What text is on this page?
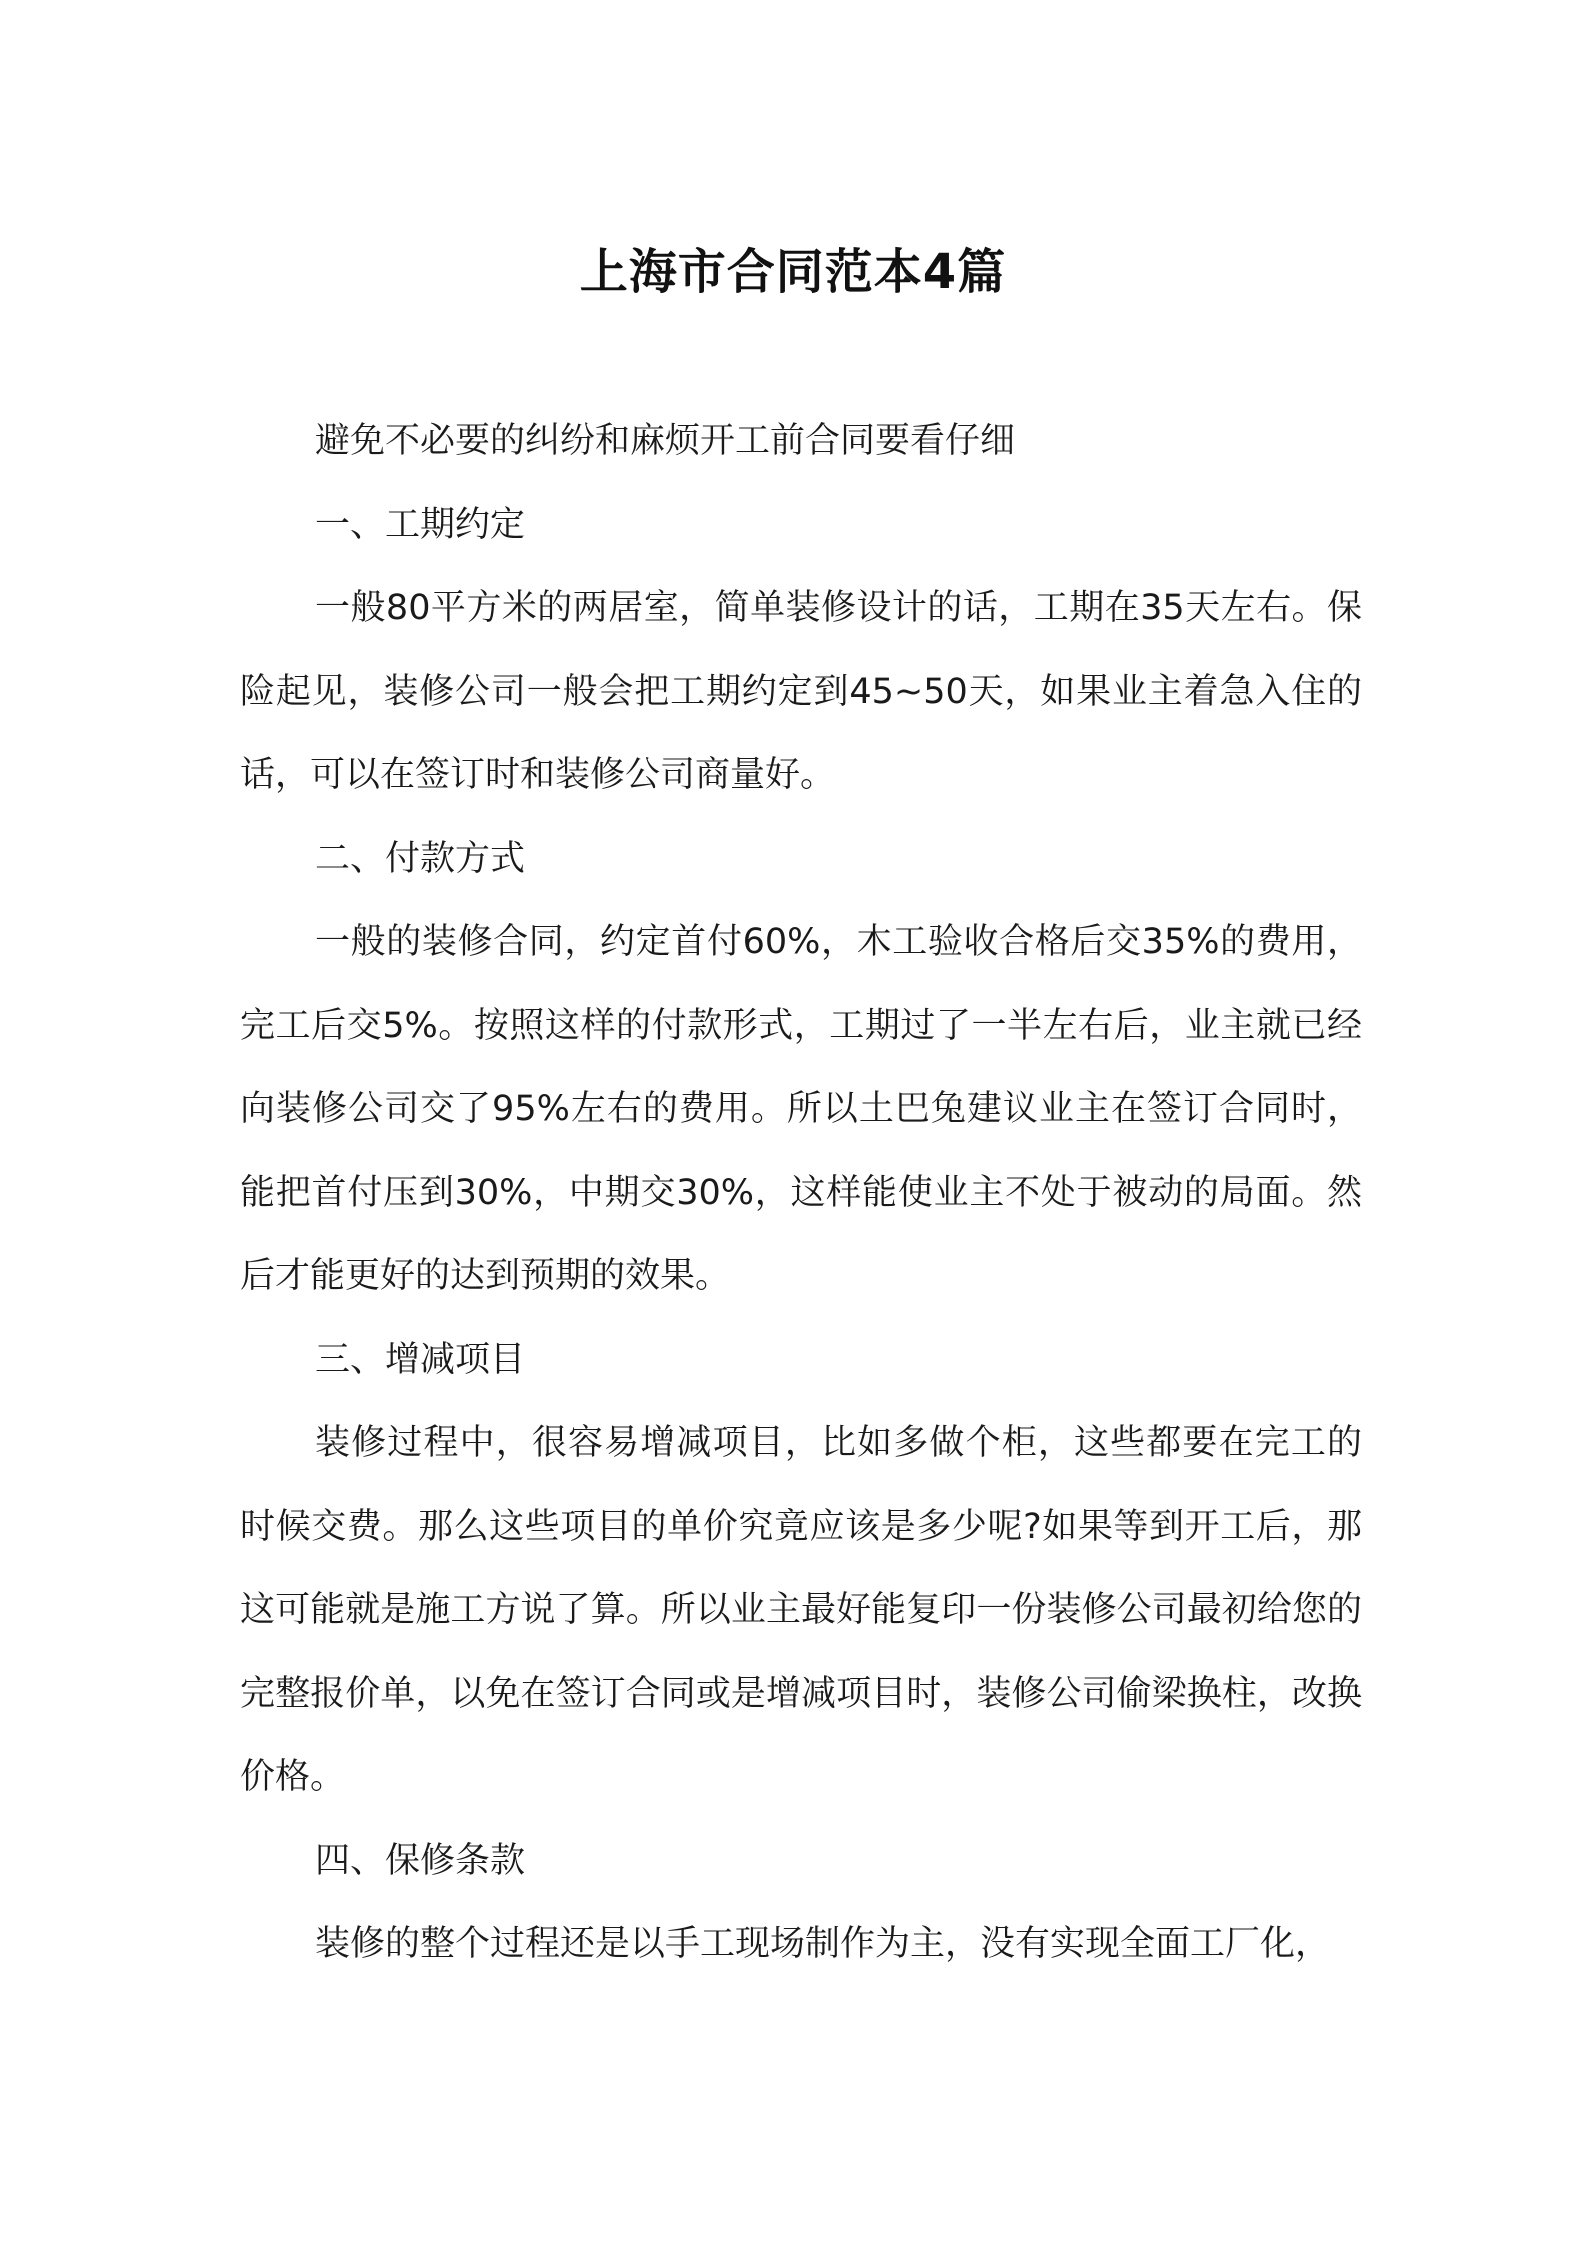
上海市合同范本4篇

避免不必要的纠纷和麻烦开工前合同要看仔细

一、工期约定

一般80平方米的两居室，简单装修设计的话，工期在35天左右。保险起见，装修公司一般会把工期约定到45~50天，如果业主着急入住的话，可以在签订时和装修公司商量好。

二、付款方式

一般的装修合同，约定首付60%，木工验收合格后交35%的费用，完工后交5%。按照这样的付款形式，工期过了一半左右后，业主就已经向装修公司交了95%左右的费用。所以土巴兔建议业主在签订合同时，能把首付压到30%，中期交30%，这样能使业主不处于被动的局面。然后才能更好的达到预期的效果。

三、增减项目

装修过程中，很容易增减项目，比如多做个柜，这些都要在完工的时候交费。那么这些项目的单价究竟应该是多少呢?如果等到开工后，那这可能就是施工方说了算。所以业主最好能复印一份装修公司最初给您的完整报价单，以免在签订合同或是增减项目时，装修公司偷梁换柱，改换价格。

四、保修条款

装修的整个过程还是以手工现场制作为主，没有实现全面工厂化，
